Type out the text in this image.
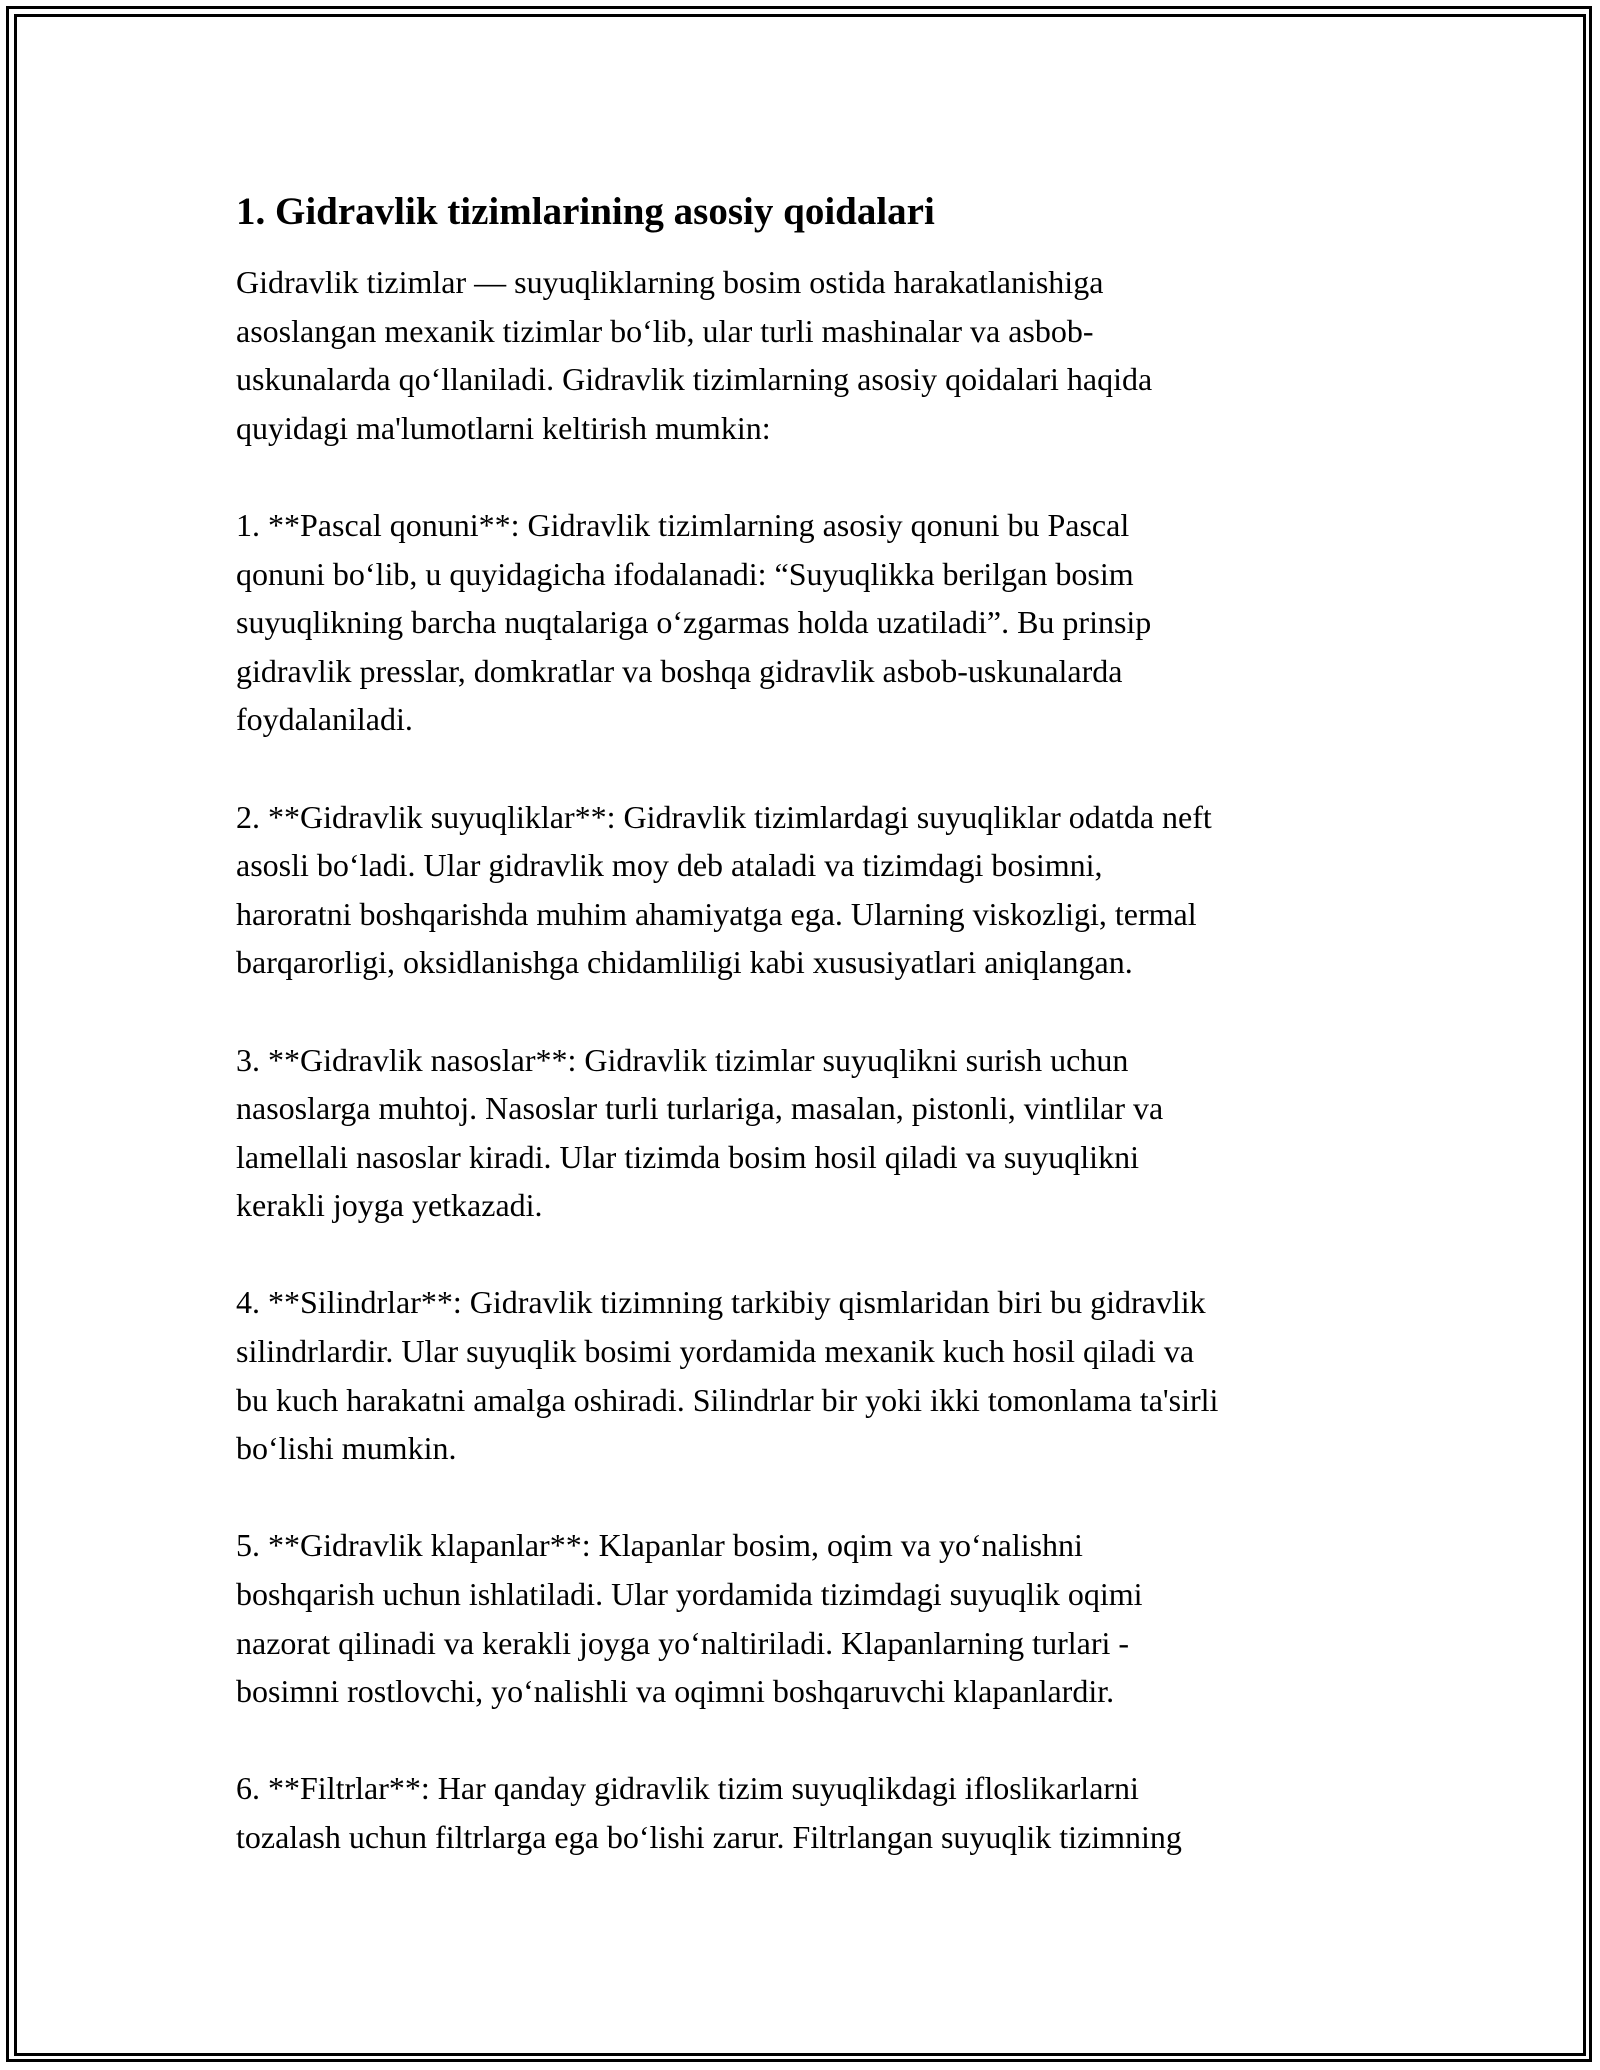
1. Gidravlik tizimlarining asosiy qoidalari

Gidravlik tizimlar — suyuqliklarning bosim ostida harakatlanishiga
asoslangan mexanik tizimlar bo‘lib, ular turli mashinalar va asbob-
uskunalarda qo‘llaniladi. Gidravlik tizimlarning asosiy qoidalari haqida
quyidagi ma'lumotlarni keltirish mumkin:

1. **Pascal qonuni**: Gidravlik tizimlarning asosiy qonuni bu Pascal
qonuni bo‘lib, u quyidagicha ifodalanadi: “Suyuqlikka berilgan bosim
suyuqlikning barcha nuqtalariga o‘zgarmas holda uzatiladi”. Bu prinsip
gidravlik presslar, domkratlar va boshqa gidravlik asbob-uskunalarda
foydalaniladi.

2. **Gidravlik suyuqliklar**: Gidravlik tizimlardagi suyuqliklar odatda neft
asosli bo‘ladi. Ular gidravlik moy deb ataladi va tizimdagi bosimni,
haroratni boshqarishda muhim ahamiyatga ega. Ularning viskozligi, termal
barqarorligi, oksidlanishga chidamliligi kabi xususiyatlari aniqlangan.

3. **Gidravlik nasoslar**: Gidravlik tizimlar suyuqlikni surish uchun
nasoslarga muhtoj. Nasoslar turli turlariga, masalan, pistonli, vintlilar va
lamellali nasoslar kiradi. Ular tizimda bosim hosil qiladi va suyuqlikni
kerakli joyga yetkazadi.

4. **Silindrlar**: Gidravlik tizimning tarkibiy qismlaridan biri bu gidravlik
silindrlardir. Ular suyuqlik bosimi yordamida mexanik kuch hosil qiladi va
bu kuch harakatni amalga oshiradi. Silindrlar bir yoki ikki tomonlama ta'sirli
bo‘lishi mumkin.

5. **Gidravlik klapanlar**: Klapanlar bosim, oqim va yo‘nalishni
boshqarish uchun ishlatiladi. Ular yordamida tizimdagi suyuqlik oqimi
nazorat qilinadi va kerakli joyga yo‘naltiriladi. Klapanlarning turlari -
bosimni rostlovchi, yo‘nalishli va oqimni boshqaruvchi klapanlardir.

6. **Filtrlar**: Har qanday gidravlik tizim suyuqlikdagi ifloslikarlarni
tozalash uchun filtrlarga ega bo‘lishi zarur. Filtrlangan suyuqlik tizimning
